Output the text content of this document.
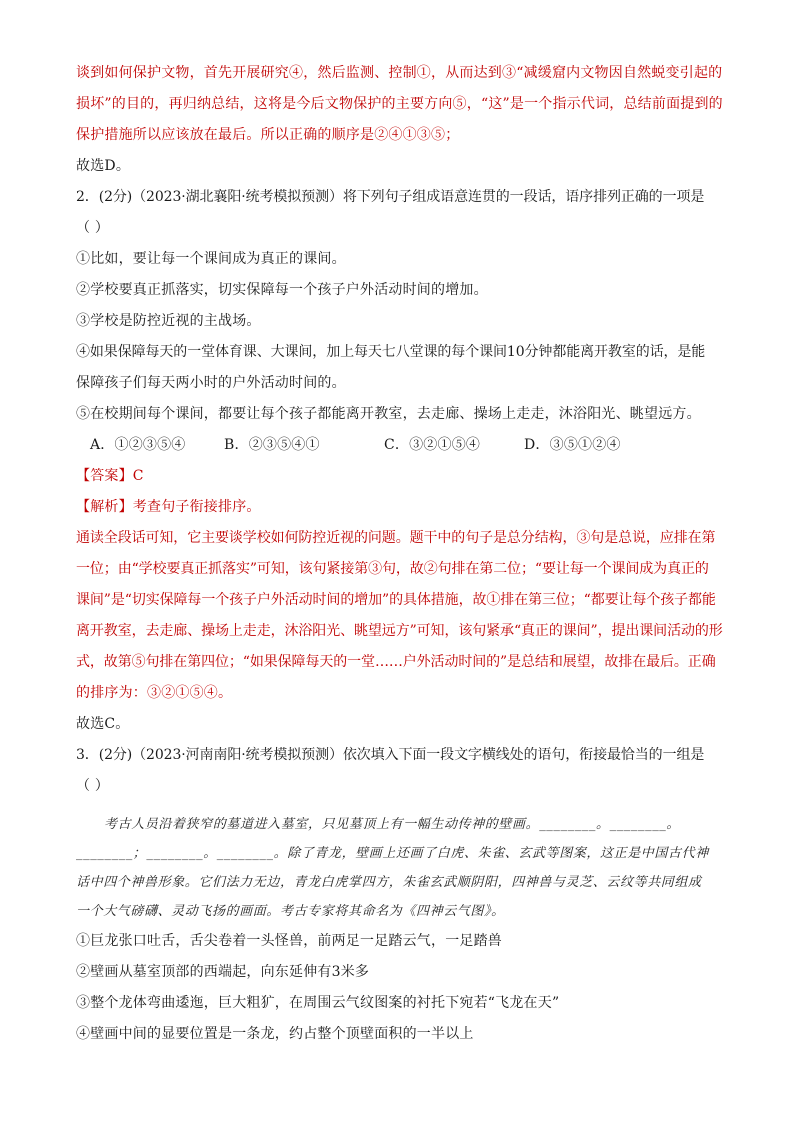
谈到如何保护文物，首先开展研究④，然后监测、控制①，从而达到③“减缓窟内文物因自然蜕变引起的
损坏”的目的，再归纳总结，这将是今后文物保护的主要方向⑤，“这”是一个指示代词，总结前面提到的
保护措施所以应该放在最后。所以正确的顺序是②④①③⑤；
故选D。
2．(2分)（2023·湖北襄阳·统考模拟预测）将下列句子组成语意连贯的一段话，语序排列正确的一项是
（ ）
①比如，要让每一个课间成为真正的课间。
②学校要真正抓落实，切实保障每一个孩子户外活动时间的增加。
③学校是防控近视的主战场。
④如果保障每天的一堂体育课、大课间，加上每天七八堂课的每个课间10分钟都能离开教室的话，是能
保障孩子们每天两小时的户外活动时间的。
⑤在校期间每个课间，都要让每个孩子都能离开教室，去走廊、操场上走走，沐浴阳光、眺望远方。
A．①②③⑤④	B．②③⑤④①	C．③②①⑤④	D．③⑤①②④
【答案】C
【解析】考查句子衔接排序。
通读全段话可知，它主要谈学校如何防控近视的问题。题干中的句子是总分结构，③句是总说，应排在第
一位；由“学校要真正抓落实”可知，该句紧接第③句，故②句排在第二位；“要让每一个课间成为真正的
课间”是“切实保障每一个孩子户外活动时间的增加”的具体措施，故①排在第三位；“都要让每个孩子都能
离开教室，去走廊、操场上走走，沐浴阳光、眺望远方”可知，该句紧承“真正的课间”，提出课间活动的形
式，故第⑤句排在第四位；“如果保障每天的一堂……户外活动时间的”是总结和展望，故排在最后。正确
的排序为：③②①⑤④。
故选C。
3．(2分)（2023·河南南阳·统考模拟预测）依次填入下面一段文字横线处的语句，衔接最恰当的一组是
（ ）
考古人员沿着狭窄的墓道进入墓室，只见墓顶上有一幅生动传神的壁画。________。________。
________；________。________。除了青龙，壁画上还画了白虎、朱雀、玄武等图案，这正是中国古代神
话中四个神兽形象。它们法力无边，青龙白虎掌四方，朱雀玄武顺阴阳，四神兽与灵芝、云纹等共同组成
一个大气磅礴、灵动飞扬的画面。考古专家将其命名为《四神云气图》。
①巨龙张口吐舌，舌尖卷着一头怪兽，前两足一足踏云气，一足踏兽
②壁画从墓室顶部的西端起，向东延伸有3米多
③整个龙体弯曲逶迤，巨大粗犷，在周围云气纹图案的衬托下宛若“飞龙在天”
④壁画中间的显要位置是一条龙，约占整个顶壁面积的一半以上
